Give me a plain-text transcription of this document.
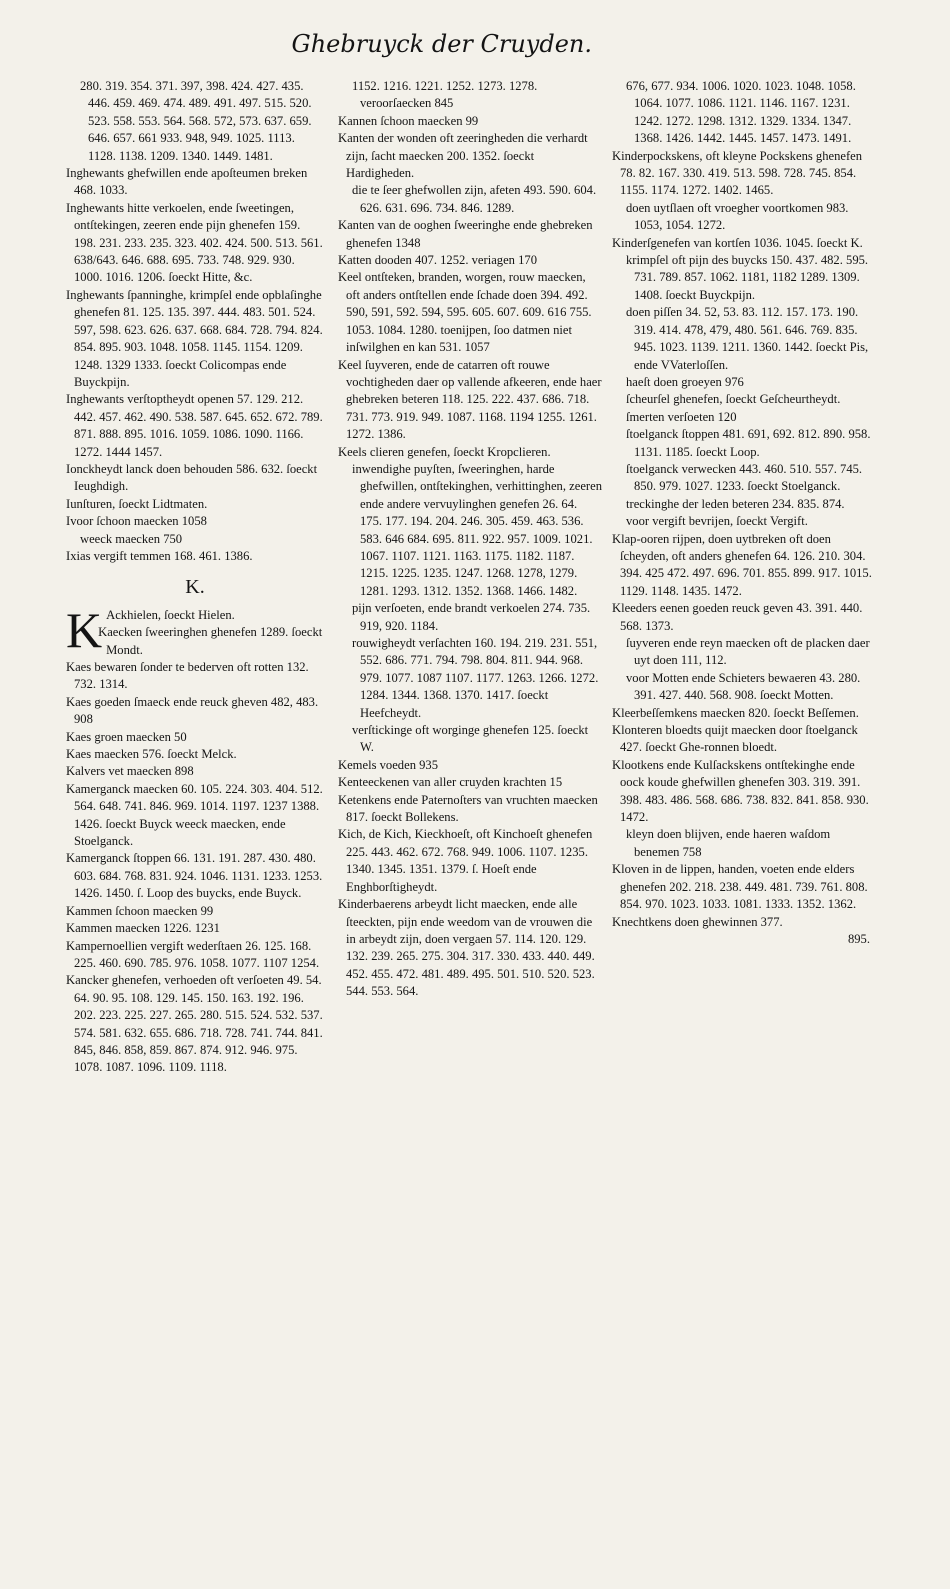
Ghebruyck der Cruyden.

280. 319. 354. 371. 397, 398. 424. 427. 435. 446. 459. 469. 474. 489. 491. 497. 515. 520. 523. 558. 553. 564. 568. 572, 573. 637. 659. 646. 657. 661 933. 948, 949. 1025. 1113. 1128. 1138. 1209. 1340. 1449. 1481.

Inghewants ghefwillen ende apoſteumen breken 468. 1033.

Inghewants hitte verkoelen, ende ſweetingen, ontſtekingen, zeeren ende pijn ghenefen 159. 198. 231. 233. 235. 323. 402. 424. 500. 513. 561. 638/643. 646. 688. 695. 733. 748. 929. 930. 1000. 1016. 1206. ſoeckt Hitte, &c.

Inghewants ſpanninghe, krimpſel ende opblaſinghe ghenefen 81. 125. 135. 397. 444. 483. 501. 524. 597, 598. 623. 626. 637. 668. 684. 728. 794. 824. 854. 895. 903. 1048. 1058. 1145. 1154. 1209. 1248. 1329 1333. ſoeckt Colicompas ende Buyckpijn.

Inghewants verſtoptheydt openen 57. 129. 212. 442. 457. 462. 490. 538. 587. 645. 652. 672. 789. 871. 888. 895. 1016. 1059. 1086. 1090. 1166. 1272. 1444 1457.

Ionckheydt lanck doen behouden 586. 632. ſoeckt Ieughdigh.

Iunſturen, ſoeckt Lidtmaten.

Ivoor ſchoon maecken 1058

weeck maecken 750

Ixias vergift temmen 168. 461. 1386.

K.

K Ackhielen, ſoeckt Hielen.

Kaecken ſweeringhen ghenefen 1289. ſoeckt Mondt.

Kaes bewaren ſonder te bederven oft rotten 132. 732. 1314.

Kaes goeden ſmaeck ende reuck gheven 482, 483. 908

Kaes groen maecken 50

Kaes maecken 576. ſoeckt Melck.

Kalvers vet maecken 898

Kamerganck maecken 60. 105. 224. 303. 404. 512. 564. 648. 741. 846. 969. 1014. 1197. 1237 1388. 1426. ſoeckt Buyck weeck maecken, ende Stoelganck.

Kamerganck ſtoppen 66. 131. 191. 287. 430. 480. 603. 684. 768. 831. 924. 1046. 1131. 1233. 1253. 1426. 1450. ſ. Loop des buycks, ende Buyck.

Kammen ſchoon maecken 99

Kammen maecken 1226. 1231

Kampernoellien vergift wederſtaen 26. 125. 168. 225. 460. 690. 785. 976. 1058. 1077. 1107 1254.

Kancker ghenefen, verhoeden oft verſoeten 49. 54. 64. 90. 95. 108. 129. 145. 150. 163. 192. 196. 202. 223. 225. 227. 265. 280. 515. 524. 532. 537. 574. 581. 632. 655. 686. 718. 728. 741. 744. 841. 845, 846. 858, 859. 867. 874. 912. 946. 975. 1078. 1087. 1096. 1109. 1118.

1152. 1216. 1221. 1252. 1273. 1278. veroorſaecken 845

Kannen ſchoon maecken 99

Kanten der wonden oft zeeringheden die verhardt zijn, ſacht maecken 200. 1352. ſoeckt Hardigheden.

die te ſeer ghefwollen zijn, afeten 493. 590. 604. 626. 631. 696. 734. 846. 1289.

Kanten van de ooghen ſweeringhe ende ghebreken ghenefen 1348

Katten dooden 407. 1252. veriagen 170

Keel ontſteken, branden, worgen, rouw maecken, oft anders ontſtellen ende ſchade doen 394. 492. 590, 591, 592. 594, 595. 605. 607. 609. 616 755. 1053. 1084. 1280. toenijpen, ſoo datmen niet inſwilghen en kan 531. 1057

Keel ſuyveren, ende de catarren oft rouwe vochtigheden daer op vallende afkeeren, ende haer ghebreken beteren 118. 125. 222. 437. 686. 718. 731. 773. 919. 949. 1087. 1168. 1194 1255. 1261. 1272. 1386.

Keels clieren genefen, ſoeckt Kropclieren.

inwendighe puyſten, ſweeringhen, harde ghefwillen, ontſtekinghen, verhittinghen, zeeren ende andere vervuylinghen genefen 26. 64. 175. 177. 194. 204. 246. 305. 459. 463. 536. 583. 646 684. 695. 811. 922. 957. 1009. 1021. 1067. 1107. 1121. 1163. 1175. 1182. 1187. 1215. 1225. 1235. 1247. 1268. 1278, 1279. 1281. 1293. 1312. 1352. 1368. 1466. 1482.

pijn verſoeten, ende brandt verkoelen 274. 735. 919, 920. 1184.

rouwigheydt verſachten 160. 194. 219. 231. 551, 552. 686. 771. 794. 798. 804. 811. 944. 968. 979. 1077. 1087 1107. 1177. 1263. 1266. 1272. 1284. 1344. 1368. 1370. 1417. ſoeckt Heefcheydt.

verſtickinge oft worginge ghenefen 125. ſoeckt W.

Kemels voeden 935

Kenteeckenen van aller cruyden krachten 15

Ketenkens ende Paternoſters van vruchten maecken 817. ſoeckt Bollekens.

Kich, de Kich, Kieckhoeſt, oft Kinchoeſt ghenefen 225. 443. 462. 672. 768. 949. 1006. 1107. 1235. 1340. 1345. 1351. 1379. ſ. Hoeſt ende Enghborſtigheydt.

Kinderbaerens arbeydt licht maecken, ende alle ſteeckten, pijn ende weedom van de vrouwen die in arbeydt zijn, doen vergaen 57. 114. 120. 129. 132. 239. 265. 275. 304. 317. 330. 433. 440. 449. 452. 455. 472. 481. 489. 495. 501. 510. 520. 523. 544. 553. 564.

676, 677. 934. 1006. 1020. 1023. 1048. 1058. 1064. 1077. 1086. 1121. 1146. 1167. 1231. 1242. 1272. 1298. 1312. 1329. 1334. 1347. 1368. 1426. 1442. 1445. 1457. 1473. 1491.

Kinderpockskens, oft kleyne Pockskens ghenefen 78. 82. 167. 330. 419. 513. 598. 728. 745. 854. 1155. 1174. 1272. 1402. 1465.

doen uytſlaen oft vroegher voortkomen 983. 1053, 1054. 1272.

Kinderſgenefen van kortſen 1036. 1045. ſoeckt K.

krimpſel oft pijn des buycks 150. 437. 482. 595. 731. 789. 857. 1062. 1181, 1182 1289. 1309. 1408. ſoeckt Buyckpijn.

doen piſſen 34. 52, 53. 83. 112. 157. 173. 190. 319. 414. 478, 479, 480. 561. 646. 769. 835. 945. 1023. 1139. 1211. 1360. 1442. ſoeckt Pis, ende VVaterloſſen.

haeſt doen groeyen 976

ſcheurſel ghenefen, ſoeckt Geſcheurtheydt.

ſmerten verſoeten 120

ſtoelganck ſtoppen 481. 691, 692. 812. 890. 958. 1131. 1185. ſoeckt Loop.

ſtoelganck verwecken 443. 460. 510. 557. 745. 850. 979. 1027. 1233. ſoeckt Stoelganck.

treckinghe der leden beteren 234. 835. 874.

voor vergift bevrijen, ſoeckt Vergift.

Klap-ooren rijpen, doen uytbreken oft doen ſcheyden, oft anders ghenefen 64. 126. 210. 304. 394. 425 472. 497. 696. 701. 855. 899. 917. 1015. 1129. 1148. 1435. 1472.

Kleeders eenen goeden reuck geven 43. 391. 440. 568. 1373.

ſuyveren ende reyn maecken oft de placken daer uyt doen 111, 112.

voor Motten ende Schieters bewaeren 43. 280. 391. 427. 440. 568. 908. ſoeckt Motten.

Kleerbeſſemkens maecken 820. ſoeckt Beſſemen.

Klonteren bloedts quijt maecken door ſtoelganck 427. ſoeckt Ghe-ronnen bloedt.

Klootkens ende Kulſackskens ontſtekinghe ende oock koude ghefwillen ghenefen 303. 319. 391. 398. 483. 486. 568. 686. 738. 832. 841. 858. 930. 1472.

kleyn doen blijven, ende haeren waſdom benemen 758

Kloven in de lippen, handen, voeten ende elders ghenefen 202. 218. 238. 449. 481. 739. 761. 808. 854. 970. 1023. 1033. 1081. 1333. 1352. 1362.

Knechtkens doen ghewinnen 377.

895.
